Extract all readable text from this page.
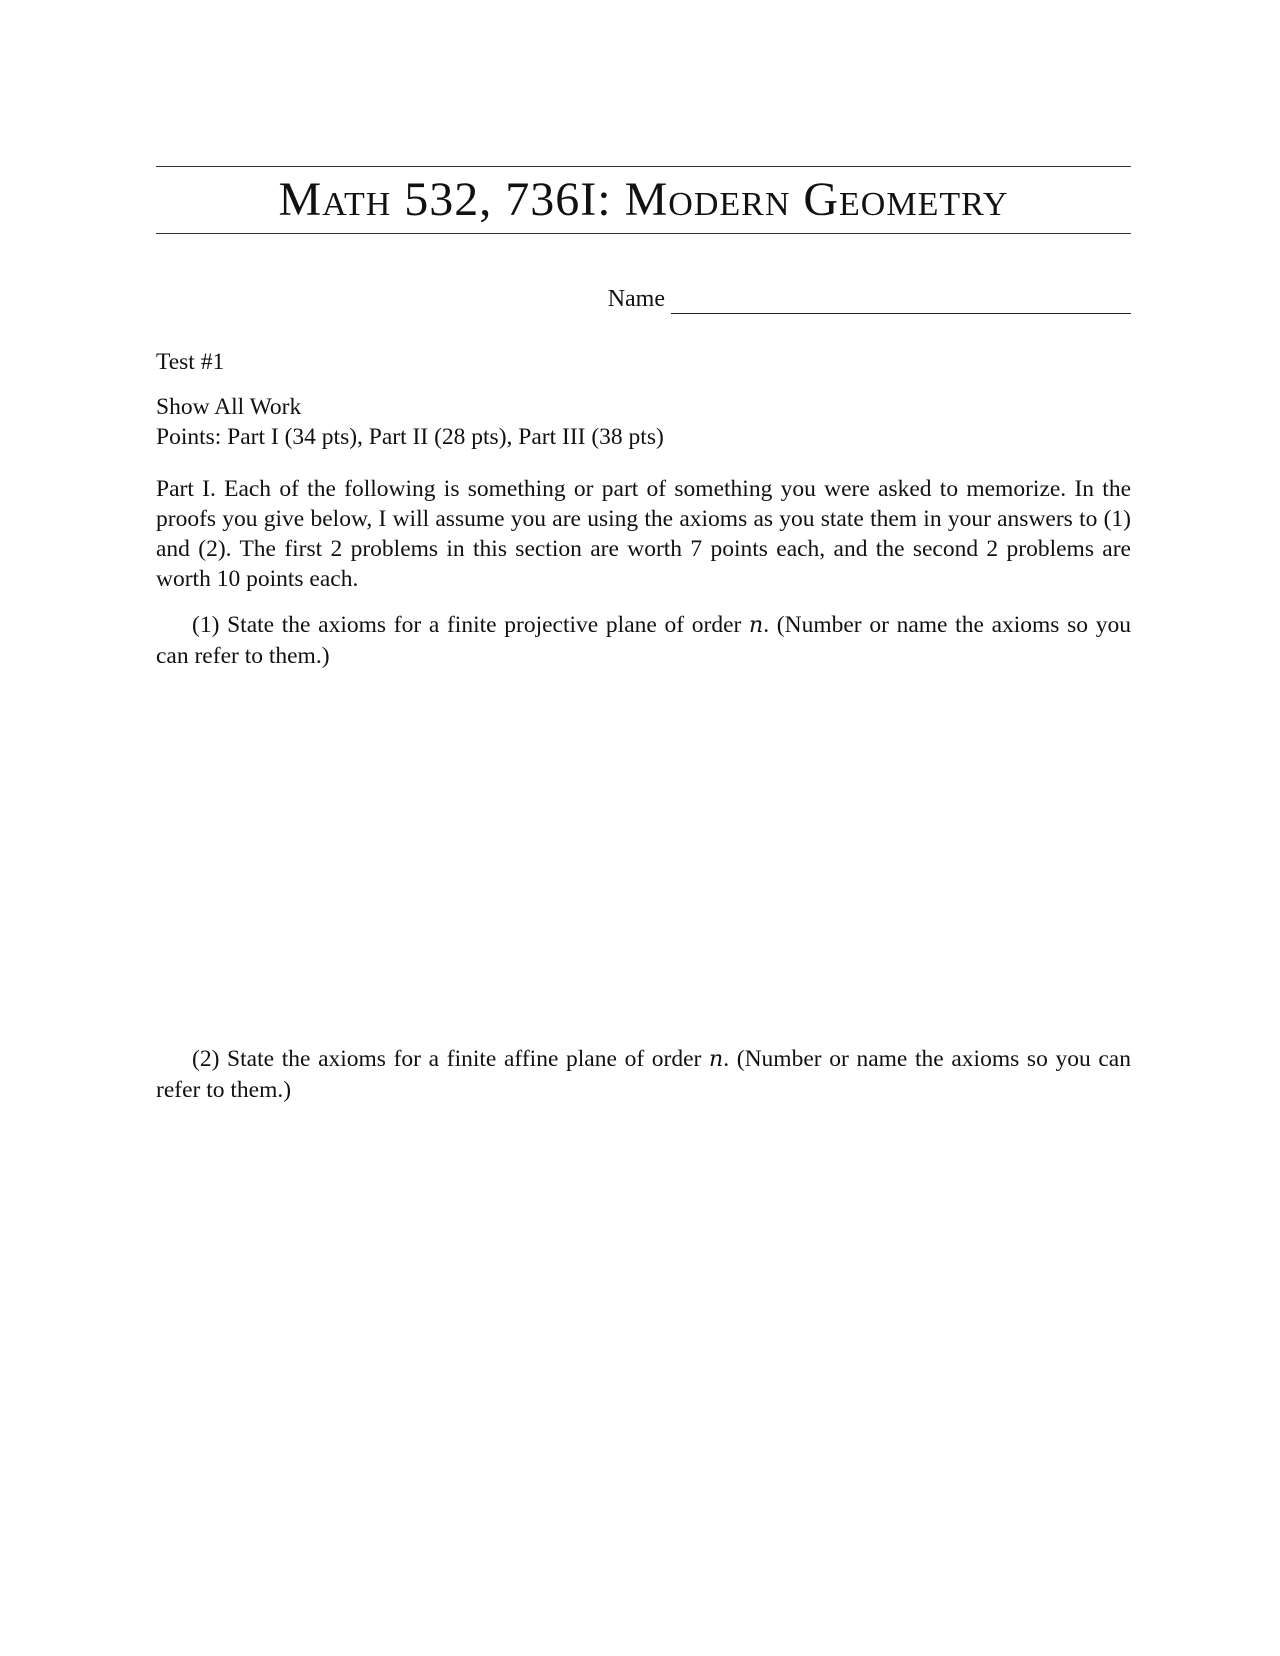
Math 532, 736I: Modern Geometry
Name
Test #1
Show All Work
Points: Part I (34 pts), Part II (28 pts), Part III (38 pts)
Part I. Each of the following is something or part of something you were asked to memorize. In the proofs you give below, I will assume you are using the axioms as you state them in your answers to (1) and (2). The first 2 problems in this section are worth 7 points each, and the second 2 problems are worth 10 points each.
(1) State the axioms for a finite projective plane of order n. (Number or name the axioms so you can refer to them.)
(2) State the axioms for a finite affine plane of order n. (Number or name the axioms so you can refer to them.)
